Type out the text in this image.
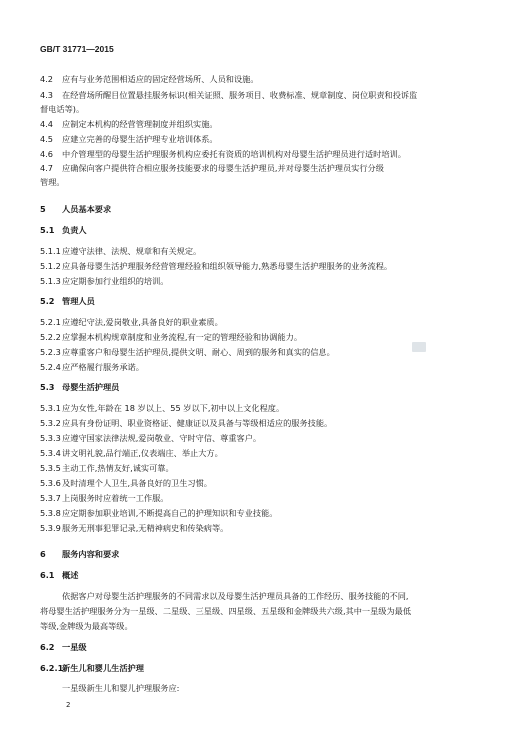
GB/T 31771—2015
4.2 应有与业务范围相适应的固定经营场所、人员和设施。
4.3 在经营场所醒目位置悬挂服务标识(相关证照、服务项目、收费标准、规章制度、岗位职责和投诉监
督电话等)。
4.4 应制定本机构的经营管理制度并组织实施。
4.5 应建立完善的母婴生活护理专业培训体系。
4.6 中介管理型的母婴生活护理服务机构应委托有资质的培训机构对母婴生活护理员进行适时培训。
4.7 应确保向客户提供符合相应服务技能要求的母婴生活护理员,并对母婴生活护理员实行分级
管理。
5 人员基本要求
5.1 负责人
5.1.1应遵守法律、法规、规章和有关规定。
5.1.2应具备母婴生活护理服务经营管理经验和组织领导能力,熟悉母婴生活护理服务的业务流程。
5.1.3应定期参加行业组织的培训。
5.2 管理人员
5.2.1应遵纪守法,爱岗敬业,具备良好的职业素质。
5.2.2应掌握本机构规章制度和业务流程,有一定的管理经验和协调能力。
5.2.3应尊重客户和母婴生活护理员,提供文明、耐心、周到的服务和真实的信息。
5.2.4应严格履行服务承诺。
5.3 母婴生活护理员
5.3.1应为女性,年龄在 18 岁以上、55 岁以下,初中以上文化程度。
5.3.2应具有身份证明、职业资格证、健康证以及具备与等级相适应的服务技能。
5.3.3应遵守国家法律法规,爱岗敬业、守时守信、尊重客户。
5.3.4讲文明礼貌,品行端正,仪表端庄、举止大方。
5.3.5主动工作,热情友好,诚实可靠。
5.3.6及时清理个人卫生,具备良好的卫生习惯。
5.3.7上岗服务时应着统一工作服。
5.3.8应定期参加职业培训,不断提高自己的护理知识和专业技能。
5.3.9服务无刑事犯罪记录,无精神病史和传染病等。
6 服务内容和要求
6.1 概述
依据客户对母婴生活护理服务的不同需求以及母婴生活护理员具备的工作经历、服务技能的不同,
将母婴生活护理服务分为一星级、二星级、三星级、四星级、五星级和金牌级共六级,其中一星级为最低
等级,金牌级为最高等级。
6.2 一星级
6.2.1新生儿和婴儿生活护理
一星级新生儿和婴儿护理服务应:
2
